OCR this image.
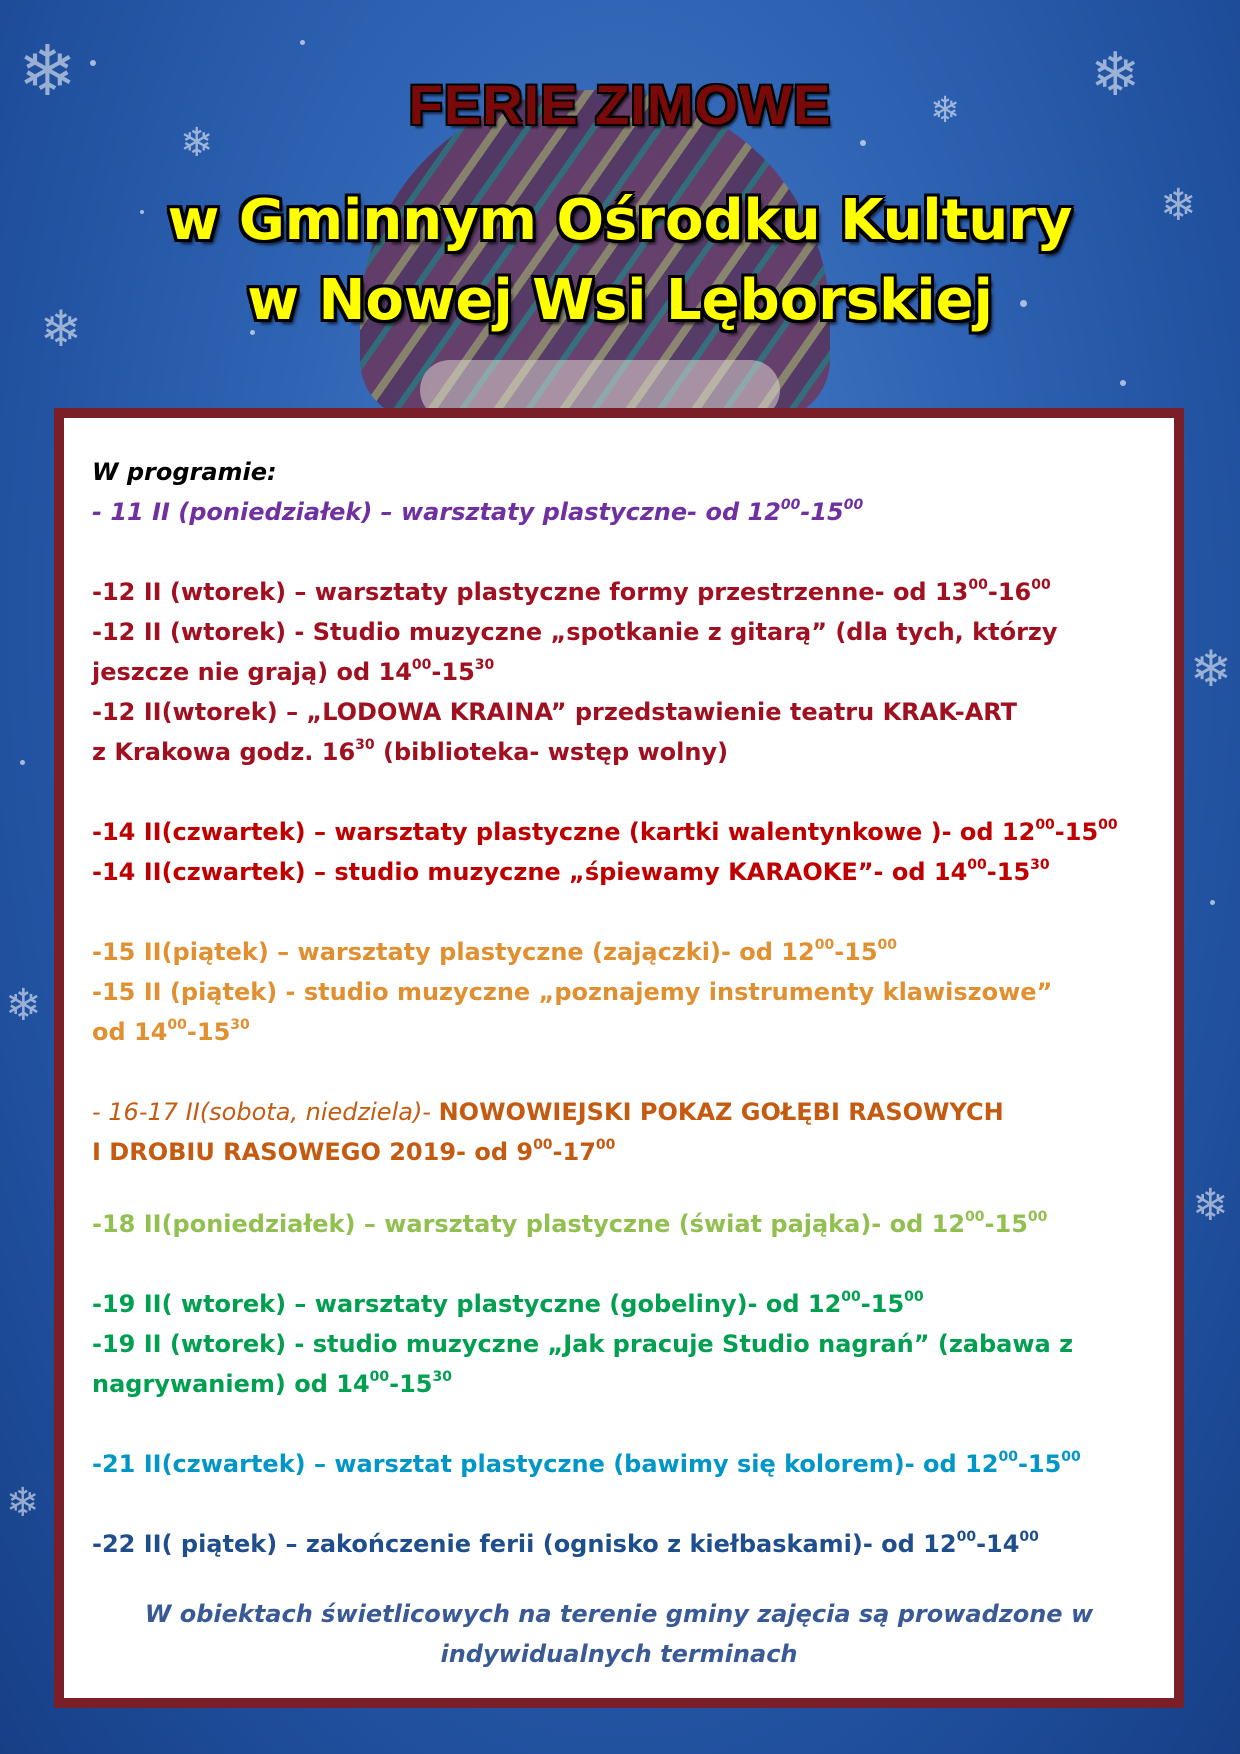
❄
❄
❄
❄
❄
❄
❄
❄
❄
❄
FERIE ZIMOWE
w Gminnym Ośrodku Kultury
w Nowej Wsi Lęborskiej
W programie:
- 11 II (poniedziałek) – warsztaty plastyczne- od $12^{00}-15^{00}$
-12 II (wtorek) – warsztaty plastyczne formy przestrzenne- od $13^{00}-16^{00}$
-12 II (wtorek) - Studio muzyczne „spotkanie z gitarą” (dla tych, którzy
jeszcze nie grają) od $14^{00}-15^{30}$
-12 II(wtorek) – „LODOWA KRAINA” przedstawienie teatru KRAK-ART
z Krakowa godz. $16^{30}$ (biblioteka- wstęp wolny)
-14 II(czwartek) – warsztaty plastyczne (kartki walentynkowe )- od $12^{00}-15^{00}$
-14 II(czwartek) – studio muzyczne „śpiewamy KARAOKE”- od $14^{00}-15^{30}$
-15 II(piątek) – warsztaty plastyczne (zajączki)- od $12^{00}-15^{00}$
-15 II (piątek) - studio muzyczne „poznajemy instrumenty klawiszowe”
od $14^{00}-15^{30}$
- 16-17 II(sobota, niedziela)- NOWOWIEJSKI POKAZ GOŁĘBI RASOWYCH
I DROBIU RASOWEGO 2019- od $9^{00}-17^{00}$
-18 II(poniedziałek) – warsztaty plastyczne (świat pająka)- od $12^{00}-15^{00}$
-19 II( wtorek) – warsztaty plastyczne (gobeliny)- od $12^{00}-15^{00}$
-19 II (wtorek) - studio muzyczne „Jak pracuje Studio nagrań” (zabawa z
nagrywaniem) od $14^{00}-15^{30}$
-21 II(czwartek) – warsztat plastyczne (bawimy się kolorem)- od $12^{00}-15^{00}$
-22 II( piątek) – zakończenie ferii (ognisko z kiełbaskami)- od $12^{00}-14^{00}$
W obiektach świetlicowych na terenie gminy zajęcia są prowadzone w
indywidualnych terminach
